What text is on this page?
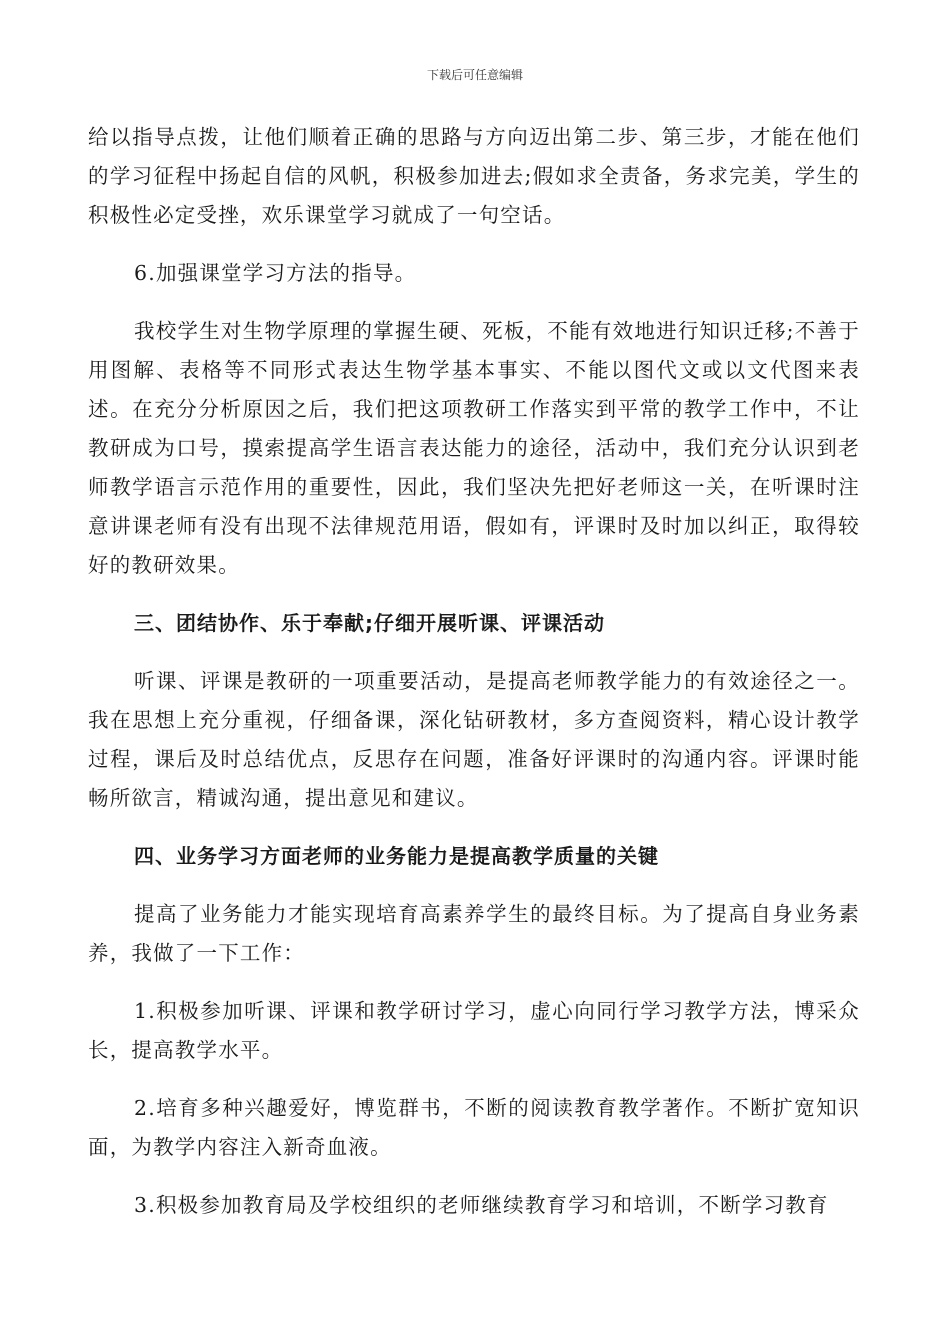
下载后可任意编辑

给以指导点拨，让他们顺着正确的思路与方向迈出第二步、第三步，才能在他们的学习征程中扬起自信的风帆，积极参加进去;假如求全责备，务求完美，学生的积极性必定受挫，欢乐课堂学习就成了一句空话。

6.加强课堂学习方法的指导。

我校学生对生物学原理的掌握生硬、死板，不能有效地进行知识迁移;不善于用图解、表格等不同形式表达生物学基本事实、不能以图代文或以文代图来表述。在充分分析原因之后，我们把这项教研工作落实到平常的教学工作中，不让教研成为口号，摸索提高学生语言表达能力的途径，活动中，我们充分认识到老师教学语言示范作用的重要性，因此，我们坚决先把好老师这一关，在听课时注意讲课老师有没有出现不法律规范用语，假如有，评课时及时加以纠正，取得较好的教研效果。

三、团结协作、乐于奉献;仔细开展听课、评课活动

听课、评课是教研的一项重要活动，是提高老师教学能力的有效途径之一。我在思想上充分重视，仔细备课，深化钻研教材，多方查阅资料，精心设计教学过程，课后及时总结优点，反思存在问题，准备好评课时的沟通内容。评课时能畅所欲言，精诚沟通，提出意见和建议。

四、业务学习方面老师的业务能力是提高教学质量的关键

提高了业务能力才能实现培育高素养学生的最终目标。为了提高自身业务素养，我做了一下工作：

1.积极参加听课、评课和教学研讨学习，虚心向同行学习教学方法，博采众长，提高教学水平。

2.培育多种兴趣爱好，博览群书，不断的阅读教育教学著作。不断扩宽知识面，为教学内容注入新奇血液。

3.积极参加教育局及学校组织的老师继续教育学习和培训，不断学习教育
